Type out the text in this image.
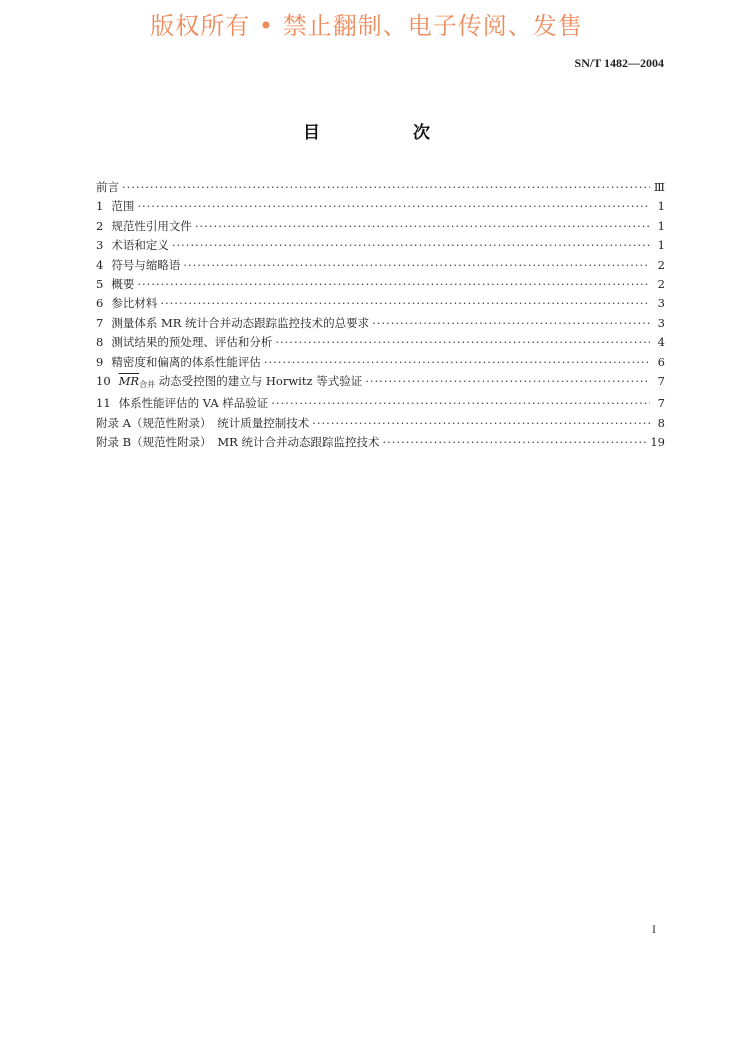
版权所有 • 禁止翻制、电子传阅、发售
SN/T 1482—2004
目　次
前言 ·····	Ⅲ
1 范围 ·····	1
2 规范性引用文件 ·····	1
3 术语和定义 ·····	1
4 符号与缩略语 ·····	2
5 概要 ·····	2
6 参比材料 ·····	3
7 测量体系 MR 统计合并动态跟踪监控技术的总要求 ·····	3
8 测试结果的预处理、评估和分析 ·····	4
9 精密度和偏离的体系性能评估 ·····	6
10 $\overline{MR}_{合并}$ 动态受控图的建立与 Horwitz 等式验证 ·····	7
11 体系性能评估的 VA 样品验证 ·····	7
附录 A（规范性附录）　统计质量控制技术 ·····	8
附录 B（规范性附录）　MR 统计合并动态跟踪监控技术 ·····	19
I
